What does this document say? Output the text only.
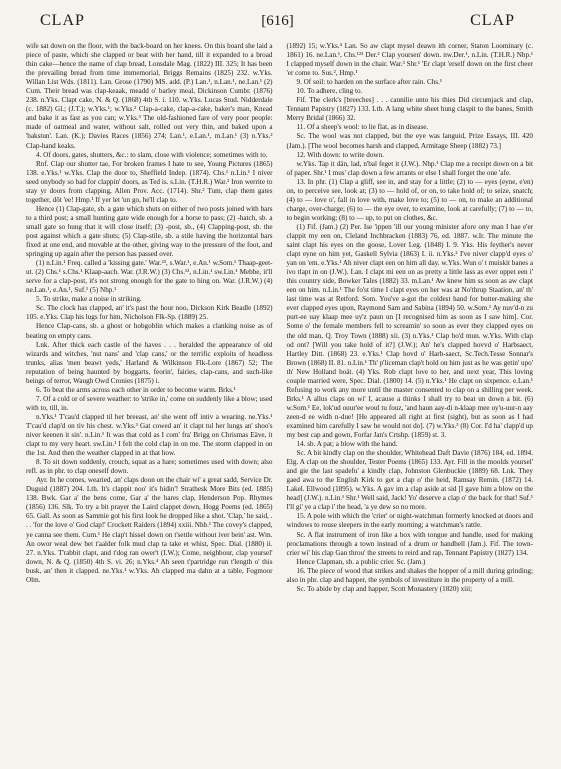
CLAP	[616]	CLAP

wife sat down on the floor, with the back-board on her knees. On this board she laid a piece of paste, which she clapped or beat with her hand, till it expanded to a broad thin cake—hence the name of clap bread, Lonsdale Mag. (1822) III. 325; It has been the prevailing bread from time immemorial, Briggs Remains (1825) 232. w.Yks. Willan List Wds. (1811). Lan. Grose (1790) MS. add. (P.) Lan.¹, n.Lan.¹, ne.Lan.¹ (2) Cum. Their bread was clap-keaak, meadd o' barley meal, Dickinson Cumbr. (1876) 238. n.Yks. Clapt cake, N. & Q. (1868) 4th S. i. 110. w.Yks. Lucas Stud. Nidderdale (c. 1882) Gl.; (J.T.); w.Yks.¹; w.Yks.² Clap-a-cake, clap-a-cake, baker's man, Knead and bake it as fast as you can; w.Yks.³ The old-fashioned fare of very poor people: made of oatmeal and water, without salt, rolled out very thin, and baked upon a 'bakstun'. Lan. (K.); Davies Races (1856) 274; Lan.¹, e.Lan.¹, m.Lan.¹ (3) n.Yks.² Clap-hand keaks.

4. Of doors, gates, shutters, &c.: to slam, close with violence; sometimes with to.

Rnf. Clap our shutter tae, For broken frames I hate to see, Young Pictures (1865) 138. e.Yks.¹ w.Yks. Clap the door to, Sheffield Indep. (1874). Chs.¹ n.Lin.¹ I niver seed onybody so bad for clappin' doors, as Ted is. s.Lin. (T.H.R.) War.² Iron werrite to stay yr doors from clapping, Allen Prov. Acc. (1714). Shr.² Tum, clap them gates together, dōt 'ee! Hmp.¹ If yer let 'un go, he'll clap to.

Hence (1) Clap-gate, sb. a gate which shuts on either of two posts joined with bars to a third post; a small hunting gate wide enough for a horse to pass; (2) -hatch, sb. a small gate so hung that it will close itself; (3) -post, sb., (4) Clapping-post, sb. the post against which a gate shuts; (5) Clap-stile, sb. a stile having the horizontal bars fixed at one end, and movable at the other, giving way to the pressure of the foot, and springing up again after the person has passed over.

(1) n.Lin.¹ Freq. called a 'kissing gate.' War.²³, s.War.¹, e.An.¹ w.Som.¹ Thaap-geet-ut. (2) Chs.¹ s.Chs.¹ Klaap-aach. War. (J.R.W.) (3) Chs.¹³, n.Lin.¹ sw.Lin.¹ Mebbe, it'll serve for a clap-post, it's not strong enough for the gate to hing on. War. (J.R.W.) (4) ne.Lan.¹, e.An.¹, Suf.¹ (5) Nhp.¹

5. To strike, make a noise in striking.

Sc. The clock has clapped, an' it's past the hour noo, Dickson Kirk Beadle (1892) 105. e.Yks. Clap his lugs for him, Nicholson Flk-Sp. (1889) 25.

Hence Clap-cans, sb. a ghost or hobgoblin which makes a clanking noise as of beating on empty cans.

Lnk. After thick each castle of the haves . . . heralded the appearance of old wizards and witches, 'nut nans' and 'clap cans,' or the terrific exploits of headless trunks, alias 'men beawt yeds,' Harland & Wilkinson Flk-Lore (1867) 52; The reputation of being haunted by boggarts, feorin', fairies, clap-cans, and such-like beings of terror, Waugh Owd Cronies (1875) i.

6. To beat the arms across each other in order to become warm. Brks.¹

7. Of a cold or of severe weather: to 'strike in,' come on suddenly like a blow; used with to, till, in.

n.Yks.¹ T'cau'd clapped til her breeast, an' she went off intiv a wearing. ne.Yks.¹ T'cau'd clap'd on tiv his chest. w.Yks.³ Gat cowed an' it clapt tul her lungs an' shoo's niver keenen it sin'. n.Lin.¹ It was that cold as I com' fra' Brigg on Chrismas Eäve, it clapt to my very heart. sw.Lin.¹ I felt the cold clap in on me. The storm clapped in on the 1st. And then the weather clapped in at that how.

8. To sit down suddenly, crouch, squat as a hare; sometimes used with down; also refl. as in phr. to clap oneself down.

Ayr. In he comes, wearied, an' claps doon on the chair wi' a great sadd, Service Dr. Duguid (1887) 204. Lth. It's clappit noo' it's hidin'! Strathesk More Bits (ed. 1885) 138. Bwk. Gar a' the bens come, Gar a' the hares clap, Henderson Pop. Rhymes (1856) 136. Slk. To try a bit prayer the Laird clappet down, Hogg Poems (ed. 1865) 65. Gall. As soon as Sammie got his first look he dropped like a shot. 'Clap,' he said, . . . 'for the love o' God clap!' Crockett Raiders (1894) xxiii. Nhb.¹ The covey's clapped, ye canna see them. Cum.¹ He clap't hissel down on t'settle without iver bein' ast. Wm. An owor weal dew bet t'aalder folk mud clap ta take et whist, Spec. Dial. (1880) ii. 27. n.Yks. T'rabbit clapt, and t'dog ran ower't (I.W.); Come, neighbour, clap yoursel' down, N. & Q. (1850) 4th S. vi. 26; n.Yks.⁴ Ah seen t'partridge run t'length o' this busk, an' then it clapped. ne.Yks.¹ w.Yks. Ah clapped ma dahn at a table, Fogmoor Olm.

(1892) 15; w.Yks.⁴ Lan. So aw clapt mysel deawn ith corner, Staton Loominary (c. 1861) 16. ne.Lan.¹, Chs.¹²³ Der.² Clap yoursen' down. nw.Der.¹, n.Lin. (T.H.R.) Nhp.¹ I clapped myself down in the chair. War.³ Shr.¹ 'Er clapt 'erself down on the first cheer 'er come to. Sus.², Hmp.¹

9. Of soil: to harden on the surface after rain. Chs.¹

10. To adhere, cling to.

Fif. The clerk's [breeches] . . . cannilie unto his thies Did circumjack and clap, Tennant Papistry (1827) 133. Lth. A lang white sheet hung claspit to the banes, Smith Merry Bridal (1866) 32.

11. Of a sheep's wool: to lie flat, as in disease.

Sc. The wool was not clapped, but the eye was languid, Prize Essays, III. 420 (Jam.). [The wool becomes harsh and clapped, Armitage Sheep (1882) 73.]

12. With down: to write down.

w.Yks. Tap it dän, lad, n'bal feget it (J.W.). Nhp.¹ Clap me a receipt down on a bit of paper. Shr.¹ I mus' clap down a few arrants or else I shall forget the one 'afe.

13. In phr. (1) Clap a gliff, see in, and stay for a little; (2) to — eyes (eyne, e'en) on, to perceive see, look at; (3) to — hold of, or on, to take hold of; to seize, snatch; (4) to — love o', fall in love with, make love to; (5) to — on, to make an additional charge, over-charge; (6) to — the eye over, to examine, look at carefully; (7) to — to, to begin working; (8) to — up, to put on clothes, &c.

(1) Fif. (Jam.) (2) Per. Ise 'ippen 'ill our young minister afore ony man I hae e'er clappit my een on, Cleland Inchbracken (1883) 76, ed. 1887. w.Ir. The minute the saint clapt his eyes on the goose, Lover Leg. (1848) I. 9. Yks. His feyther's never clapt eyne on him yet, Gaskell Sylvia (1863) I. ii. n.Yks.² I've niver clapp'd eyes o' yan on 'em. e.Yks.¹ Ah niver clapt een on him all day. w.Yks. Wun o' t muiskit banes a ivo tlapt in on (J.W.). Lan. I clapt mi een on as pretty a little lass as ever oppet een i' this country side, Bowker Tales (1882) 33. m.Lan.¹ Aw knew him ss soon as aw clapt een on him. n.Lin.¹ The fo'st time I clapt eyes on her was at No'thrup Staation, an' th' last time was at Retford. Som. You've a-got the coldest hand for butter-making she ever clapped eyes upon, Raymond Sam and Sabina (1894) 50. w.Som.¹ Ay nuv'd-n zu purt-ee uay klaap mee uy'z paun un [I recognised him as soon as I saw him]. Cor. Some o' the female members fell to screamin' so soon as ever they clapped eyes on the old man, Q. Troy Town (1888) xii. (3) n.Yks.¹ Clap ho'd mun. w.Yks. With clap od ont? [Will you take hold of it?] (J.W.); An' he's clapped hovvd o' Harbsaect, Hartley Ditt. (1868) 23. e.Yks.¹ Clap hovd o' Harb-saect, Sc.Tech.Tesse Sonnar's Brown (1868) II. 81. n.Lin.¹ Th' p'liceman clap't hold on him just as he was getin' upo' th' New Holland boät. (4) Yks. Rob clapt love to her, and next year, This loving couple married were, Spec. Dial. (1800) 14. (5) n.Yks.¹ He clapt on sixpence. e.Lan.¹ Refusing to work any more until the master consented to clap on a shilling per week. Brks.¹ A allus claps on wi' I, acause a thinks I shall try to beat un down a bit. (6) w.Som.¹ Ee, lok'ud ouur'ee woul tu fouz, 'and haun aay-di n-klaap mee uy'u-uur-n aay zeen-d ee widh n-due! [He appeared all right at first (sight), but as soon as I had examined him carefully I saw he would not do]. (7) w.Yks.³ (8) Cor. I'd ha' clapp'd up my best cap and gown, Forfar Jan's Crtshp. (1859) st. 3.

14. sb. A pat; a blow with the hand.

Sc. A bit kindly clap on the shoulder, Whitehead Daft Davie (1876) 184, ed. 1894. Elg. A clap on the shoulder, Tester Poems (1865) 133. Ayr. Fill in the moolds yoursel' and gie the last spadefu' a kindly clap, Johnston Glenbuckie (1889) 68. Lnk. They gaed awa to the English Kirk to get a clap o' the heid, Ramsay Remin. (1872) 14. Lakel. Ellwood (1895). w.Yks. A gav im a clap aside at sid [I gave him a blow on the head] (J.W.). n.Lin.¹ Shr.¹ Well said, Jack! Yo' deserve a clap o' the back for that! Suf.¹ I'll gi' ye a clap i' the head, 'a ye dew so no more.

15. A pole with which the 'crier' or night-watchman formerly knocked at doors and windows to rouse sleepers in the early morning; a watchman's rattle.

Sc. A flat instrument of iron like a box with tongue and handle, used for making proclamations through a town instead of a drum or handbell (Jam.). Fif. The town-crier wi' his clap Gan throu' the streets to reird and rap, Tennant Papistry (1827) 134.

Hence Clapman, sb. a public crier. Sc. (Jam.)

16. The piece of wood that strikes and shakes the hopper of a mill during grinding; also in phr. clap and happer, the symbols of investiture in the property of a mill.

Sc. To abide by clap and happer, Scott Monastery (1820) xiii;
